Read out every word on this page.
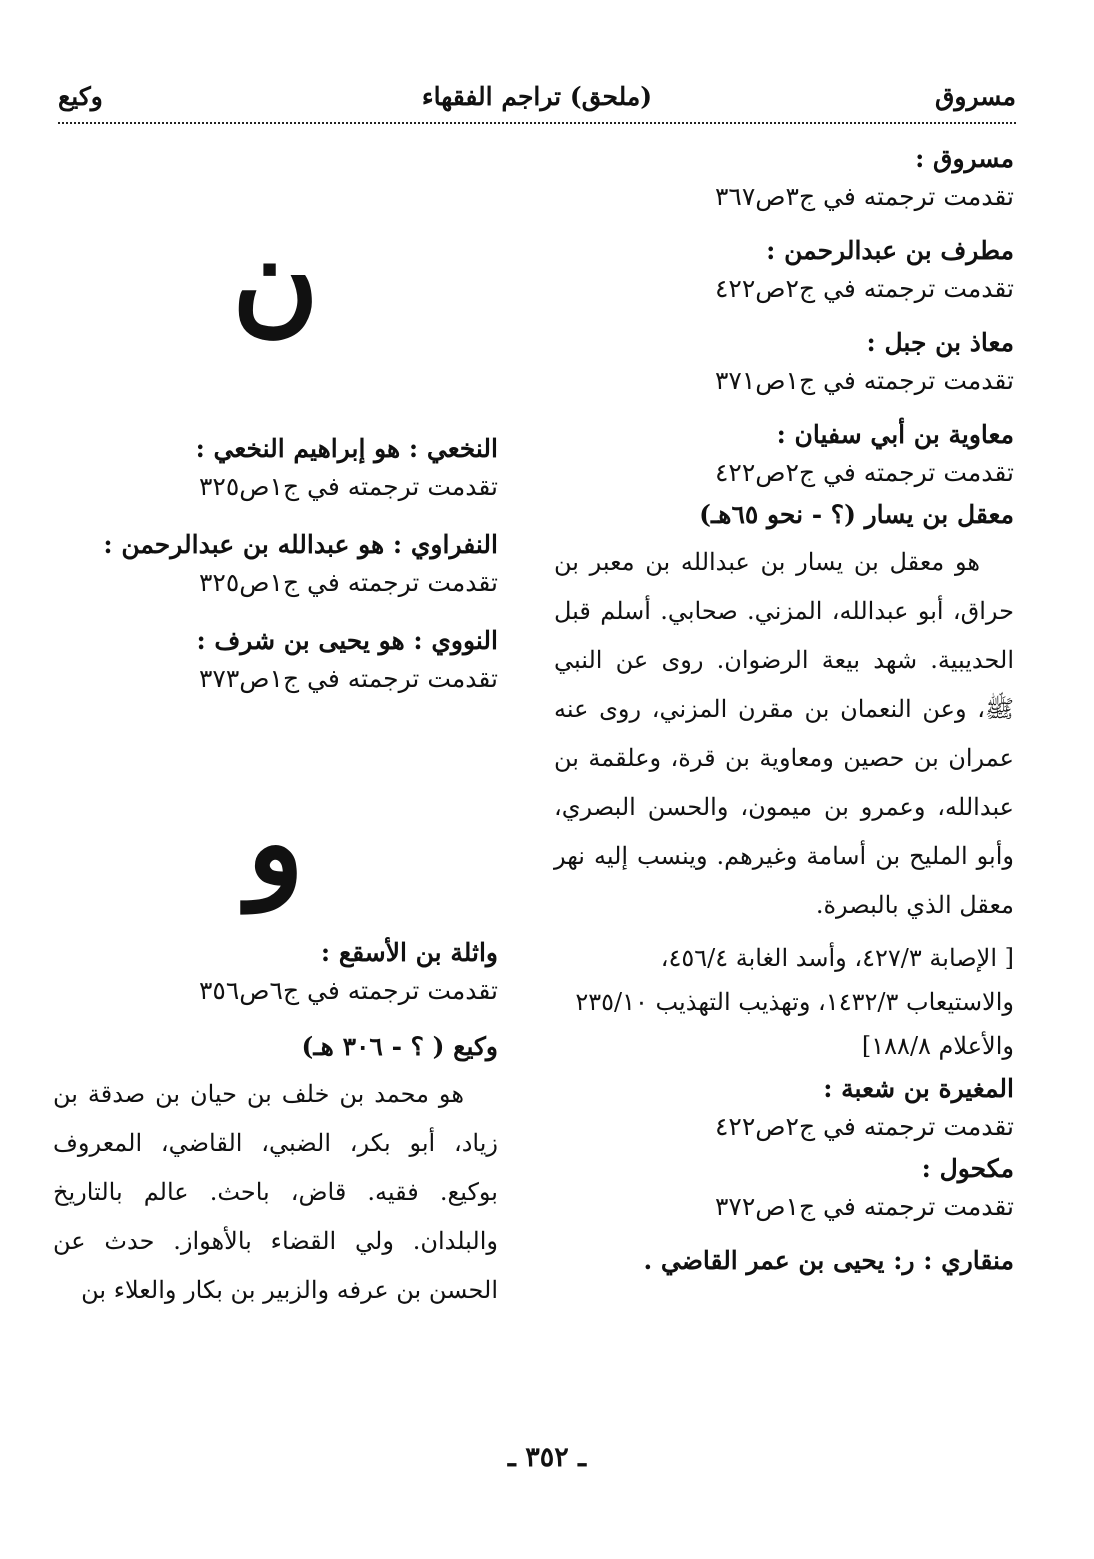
مسروق
(ملحق) تراجم الفقهاء
وكيع
مسروق :
تقدمت ترجمته في ج٣ص٣٦٧
مطرف بن عبدالرحمن :
تقدمت ترجمته في ج٢ص٤٢٢
معاذ بن جبل :
تقدمت ترجمته في ج١ص٣٧١
معاوية بن أبي سفيان :
تقدمت ترجمته في ج٢ص٤٢٢
معقل بن يسار (؟ - نحو ٦٥هـ)

هو معقل بن يسار بن عبدالله بن معبر بن حراق، أبو عبدالله، المزني. صحابي. أسلم قبل الحديبية. شهد بيعة الرضوان. روى عن النبي ﷺ، وعن النعمان بن مقرن المزني، روى عنه عمران بن حصين ومعاوية بن قرة، وعلقمة بن عبدالله، وعمرو بن ميمون، والحسن البصري، وأبو المليح بن أسامة وغيرهم. وينسب إليه نهر معقل الذي بالبصرة.

[ الإصابة ٤٢٧/٣، وأسد الغابة ٤٥٦/٤، والاستيعاب ١٤٣٢/٣، وتهذيب التهذيب ٢٣٥/١٠ والأعلام ١٨٨/٨]
المغيرة بن شعبة :
تقدمت ترجمته في ج٢ص٤٢٢
مكحول :
تقدمت ترجمته في ج١ص٣٧٢
منقاري : ر: يحيى بن عمر القاضي .
ن
النخعي : هو إبراهيم النخعي :
تقدمت ترجمته في ج١ص٣٢٥
النفراوي : هو عبدالله بن عبدالرحمن :
تقدمت ترجمته في ج١ص٣٢٥
النووي : هو يحيى بن شرف :
تقدمت ترجمته في ج١ص٣٧٣
و
واثلة بن الأسقع :
تقدمت ترجمته في ج٦ص٣٥٦
وكيع ( ؟ - ٣٠٦ هـ)

هو محمد بن خلف بن حيان بن صدقة بن زياد، أبو بكر، الضبي، القاضي، المعروف بوكيع. فقيه. قاض، باحث. عالم بالتاريخ والبلدان. ولي القضاء بالأهواز. حدث عن الحسن بن عرفه والزبير بن بكار والعلاء بن

ـ ٣٥٢ ـ
